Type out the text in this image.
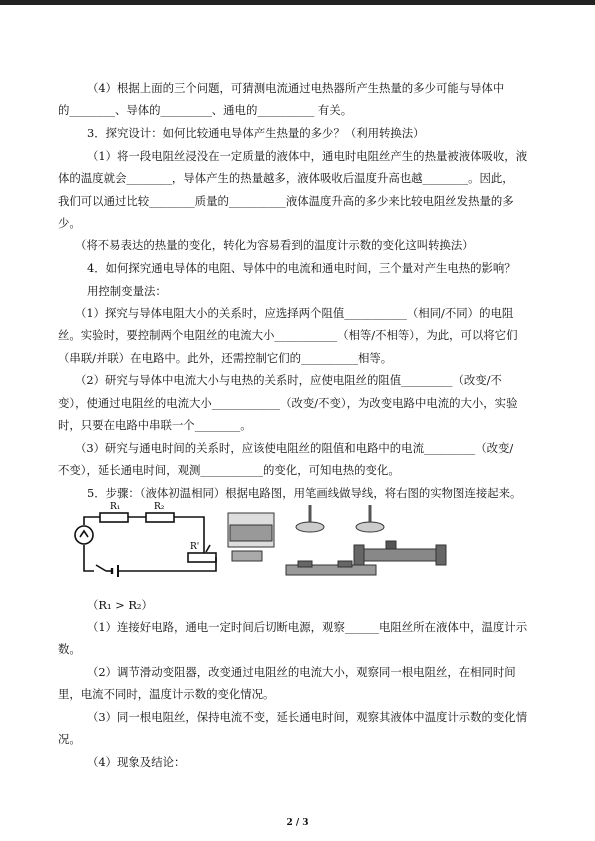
（4）根据上面的三个问题，可猜测电流通过电热器所产生热量的多少可能与导体中
的________、导体的_________、通电的__________ 有关。
3．探究设计：如何比较通电导体产生热量的多少？（利用转换法）
（1）将一段电阻丝浸没在一定质量的液体中，通电时电阻丝产生的热量被液体吸收，液
体的温度就会________，导体产生的热量越多，液体吸收后温度升高也越________。因此，
我们可以通过比较________质量的__________液体温度升高的多少来比较电阻丝发热量的多
少。
（将不易表达的热量的变化，转化为容易看到的温度计示数的变化这叫转换法）
4．如何探究通电导体的电阻、导体中的电流和通电时间，三个量对产生电热的影响？
用控制变量法：
（1）探究与导体电阻大小的关系时，应选择两个阻值___________（相同/不同）的电阻
丝。实验时，要控制两个电阻丝的电流大小___________（相等/不相等），为此，可以将它们
（串联/并联）在电路中。此外，还需控制它们的__________相等。
（2）研究与导体中电流大小与电热的关系时，应使电阻丝的阻值_________（改变/不
变），使通过电阻丝的电流大小____________（改变/不变），为改变电路中电流的大小，实验
时，只要在电路中串联一个________。
（3）研究与通电时间的关系时，应该使电阻丝的阻值和电路中的电流_________（改变/
不变），延长通电时间，观测___________的变化，可知电热的变化。
5．步骤：（液体初温相同）根据电路图，用笔画线做导线，将右图的实物图连接起来。
R₁	R₂
R'
（R₁ > R₂）
（1）连接好电路，通电一定时间后切断电源，观察______电阻丝所在液体中，温度计示
数。
（2）调节滑动变阻器，改变通过电阻丝的电流大小，观察同一根电阻丝，在相同时间
里，电流不同时，温度计示数的变化情况。
（3）同一根电阻丝，保持电流不变，延长通电时间，观察其液体中温度计示数的变化情
况。
（4）现象及结论：
2 / 3
